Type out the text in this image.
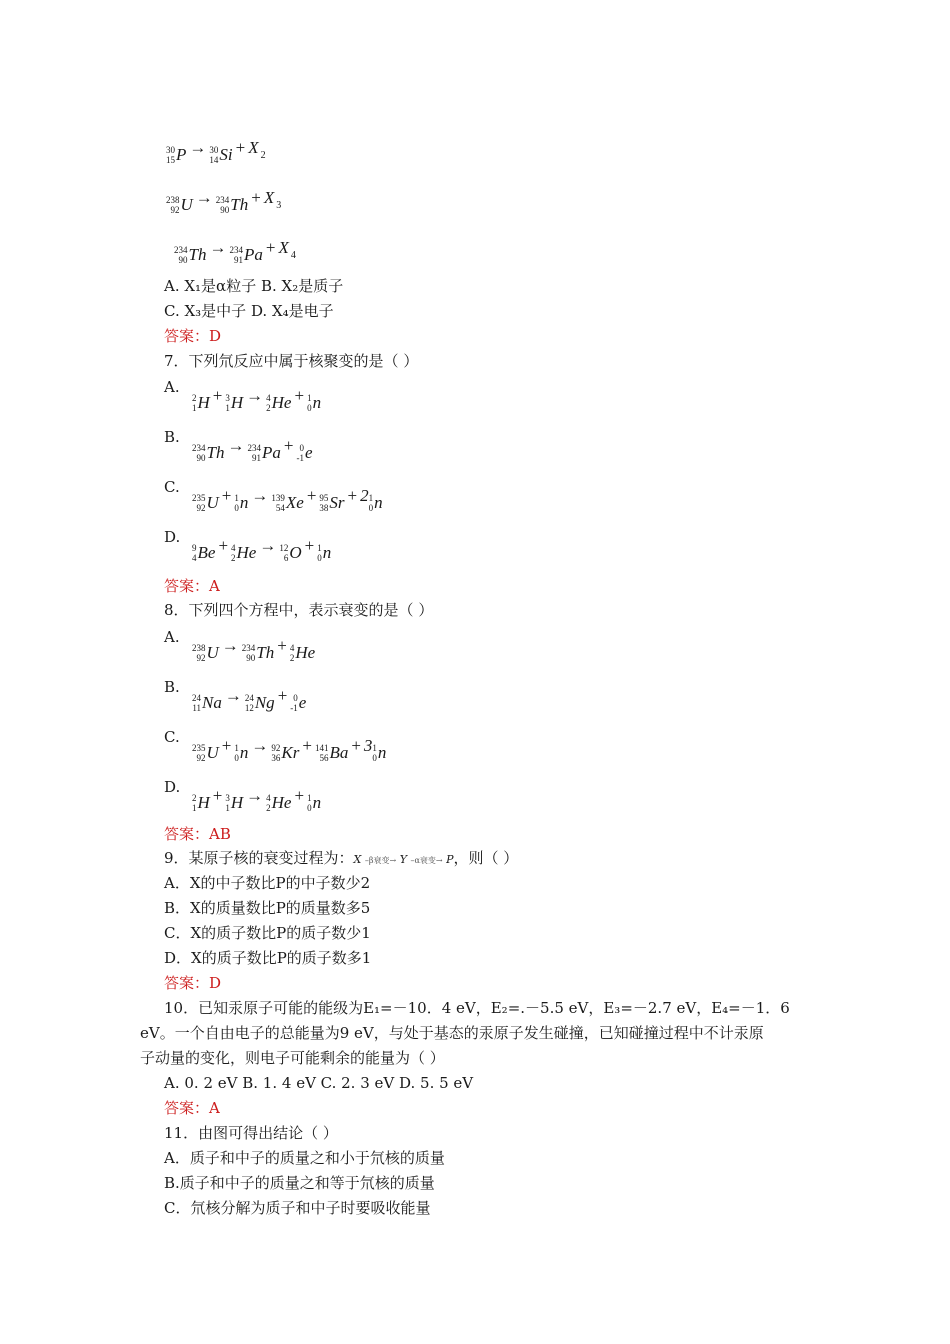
30
15 P → 30
14 Si + X $_2$
238
92 U → 234
90 Th + X $_3$
234
90 Th → 234
91 Pa + X $_4$
A. X₁是α粒子 B. X₂是质子
C. X₃是中子 D. X₄是电子
答案：D
7．下列氘反应中属于核聚变的是（ ）
A.
2
1 H + 3
1 H → 4
2 He + 1
0 n
B.
234
90 Th → 234
91 Pa + 0
-1 e
C.
235
92 U + 1
0 n → 139
54 Xe + 95
38 Sr + 2 1
0 n
D.
9
4 Be + 4
2 He → 12
6 O + 1
0 n
答案：A
8．下列四个方程中，表示衰变的是（ ）
A.
238
92 U → 234
90 Th + 4
2 He
B.
24
11 Na → 24
12 Ng + 0
-1 e
C.
235
92 U + 1
0 n → 92
36 Kr + 141
56 Ba + 3 1
0 n
D.
2
1 H + 3
1 H → 4
2 He + 1
0 n
答案：AB
9．某原子核的衰变过程为：X –β衰变→ Y –α衰变→ P，则（ ）
A．X的中子数比P的中子数少2
B．X的质量数比P的质量数多5
C．X的质子数比P的质子数少1
D．X的质子数比P的质子数多1
答案：D
10．已知汞原子可能的能级为E₁=－10．4 eV，E₂=.－5.5 eV，E₃=－2.7 eV，E₄=－1．6
eV。一个自由电子的总能量为9 eV，与处于基态的汞原子发生碰撞，已知碰撞过程中不计汞原
子动量的变化，则电子可能剩余的能量为（ ）
A. 0. 2 eV B. 1. 4 eV C. 2. 3 eV D. 5. 5 eV
答案：A
11．由图可得出结论（ ）
A．质子和中子的质量之和小于氘核的质量
B.质子和中子的质量之和等于氘核的质量
C．氘核分解为质子和中子时要吸收能量
